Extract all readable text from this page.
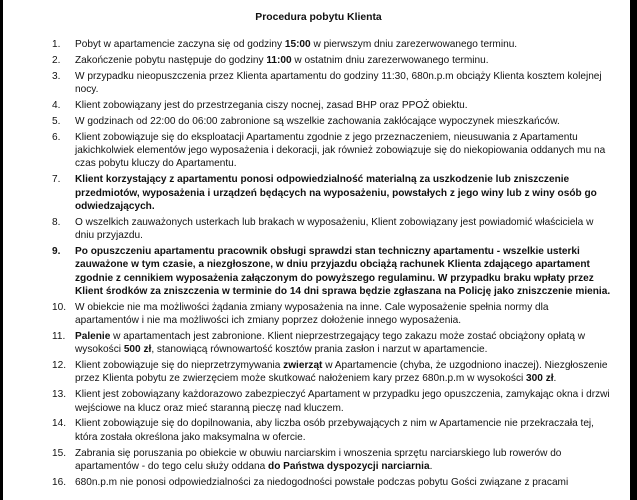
Procedura pobytu Klienta
1.	Pobyt w apartamencie zaczyna się od godziny 15:00 w pierwszym dniu zarezerwowanego terminu.
2.	Zakończenie pobytu następuje do godziny 11:00 w ostatnim dniu zarezerwowanego terminu.
3.	W przypadku nieopuszczenia przez Klienta apartamentu do godziny 11:30, 680n.p.m obciąży Klienta kosztem kolejnej nocy.
4.	Klient zobowiązany jest do przestrzegania ciszy nocnej, zasad BHP oraz PPOŻ obiektu.
5.	W godzinach od 22:00 do 06:00 zabronione są wszelkie zachowania zakłócające wypoczynek mieszkańców.
6.	Klient zobowiązuje się do eksploatacji Apartamentu zgodnie z jego przeznaczeniem, nieusuwania z Apartamentu jakichkolwiek elementów jego wyposażenia i dekoracji, jak również zobowiązuje się do niekopiowania oddanych mu na czas pobytu kluczy do Apartamentu.
7.	Klient korzystający z apartamentu ponosi odpowiedzialność materialną za uszkodzenie lub zniszczenie przedmiotów, wyposażenia i urządzeń będących na wyposażeniu, powstałych z jego winy lub z winy osób go odwiedzających.
8.	O wszelkich zauważonych usterkach lub brakach w wyposażeniu, Klient zobowiązany jest powiadomić właściciela w dniu przyjazdu.
9.	Po opuszczeniu apartamentu pracownik obsługi sprawdzi stan techniczny apartamentu - wszelkie usterki zauważone w tym czasie, a niezgłoszone, w dniu przyjazdu obciążą rachunek Klienta zdającego apartament zgodnie z cennikiem wyposażenia załączonym do powyższego regulaminu. W przypadku braku wpłaty przez Klient środków za zniszczenia w terminie do 14 dni sprawa będzie zgłaszana na Policję jako zniszczenie mienia.
10. W obiekcie nie ma możliwości żądania zmiany wyposażenia na inne. Cale wyposażenie spełnia normy dla apartamentów i nie ma możliwości ich zmiany poprzez dołożenie innego wyposażenia.
11. Palenie w apartamentach jest zabronione. Klient nieprzestrzegający tego zakazu może zostać obciążony opłatą w wysokości 500 zł, stanowiącą równowartość kosztów prania zasłon i narzut w apartamencie.
12. Klient zobowiązuje się do nieprzetrzymywania zwierząt w Apartamencie (chyba, że uzgodniono inaczej). Niezgłoszenie przez Klienta pobytu ze zwierzęciem może skutkować nałożeniem kary przez 680n.p.m w wysokości 300 zł.
13. Klient jest zobowiązany każdorazowo zabezpieczyć Apartament w przypadku jego opuszczenia, zamykając okna i drzwi wejściowe na klucz oraz mieć staranną pieczę nad kluczem.
14. Klient zobowiązuje się do dopilnowania, aby liczba osób przebywających z nim w Apartamencie nie przekraczała tej, która została określona jako maksymalna w ofercie.
15. Zabrania się poruszania po obiekcie w obuwiu narciarskim i wnoszenia sprzętu narciarskiego lub rowerów do apartamentów - do tego celu służy oddana do Państwa dyspozycji narciarnia.
16. 680n.p.m nie ponosi odpowiedzialności za niedogodności powstałe podczas pobytu Gości związane z pracami
